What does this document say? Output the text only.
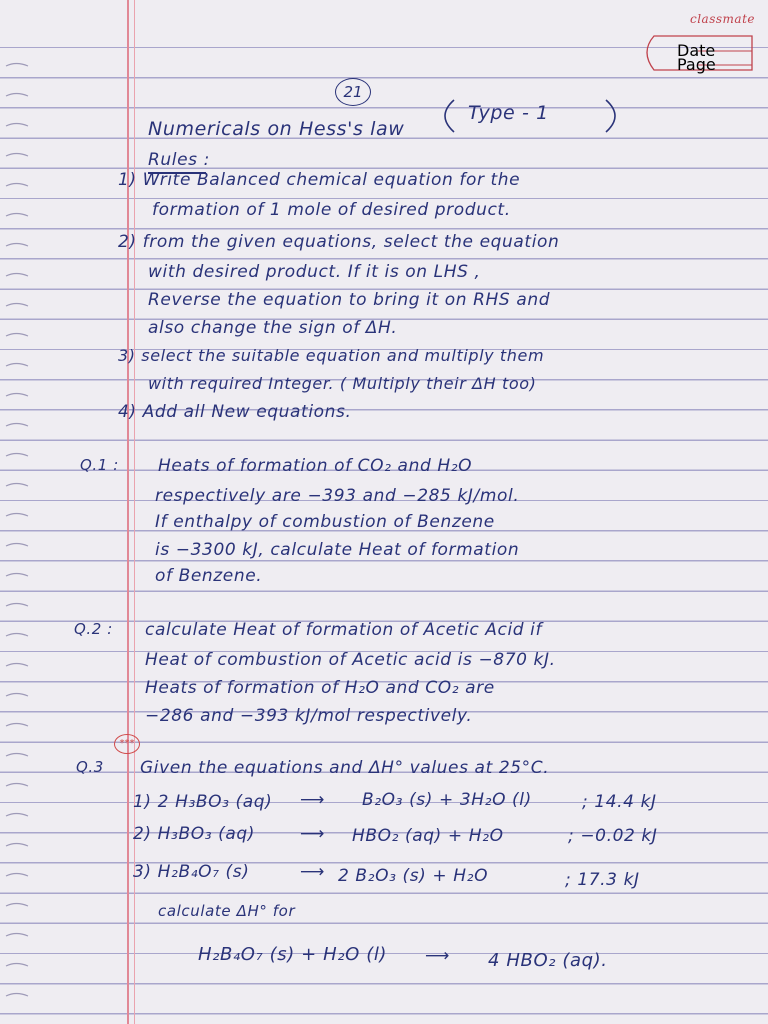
classmate
Date
Page
21
Numericals on Hess's law
Type - 1
Rules :
1) Write Balanced chemical equation for the
formation of 1 mole of desired product.
2) from the given equations, select the equation
with desired product. If it is on LHS ,
Reverse the equation to bring it on RHS and
also change the sign of ΔH.
3) select the suitable equation and multiply them
with required Integer. ( Multiply their ΔH too)
4) Add all New equations.
Q.1 : Heats of formation of CO₂ and H₂O
respectively are −393 and −285 kJ/mol.
If enthalpy of combustion of Benzene
is −3300 kJ, calculate Heat of formation
of Benzene.
Q.2 : calculate Heat of formation of Acetic Acid if
Heat of combustion of Acetic acid is −870 kJ.
Heats of formation of H₂O and CO₂ are
−286 and −393 kJ/mol respectively.
***
Q.3 Given the equations and ΔH° values at 25°C.
1) 2 H₃BO₃ (aq) ⟶ B₂O₃ (s) + 3H₂O (l)	; 14.4 kJ
2) H₃BO₃ (aq)	⟶ HBO₂ (aq) + H₂O	; −0.02 kJ
3) H₂B₄O₇ (s)	⟶ 2 B₂O₃ (s) + H₂O	; 17.3 kJ
calculate ΔH° for
H₂B₄O₇ (s) + H₂O (l) ⟶ 4 HBO₂ (aq).
